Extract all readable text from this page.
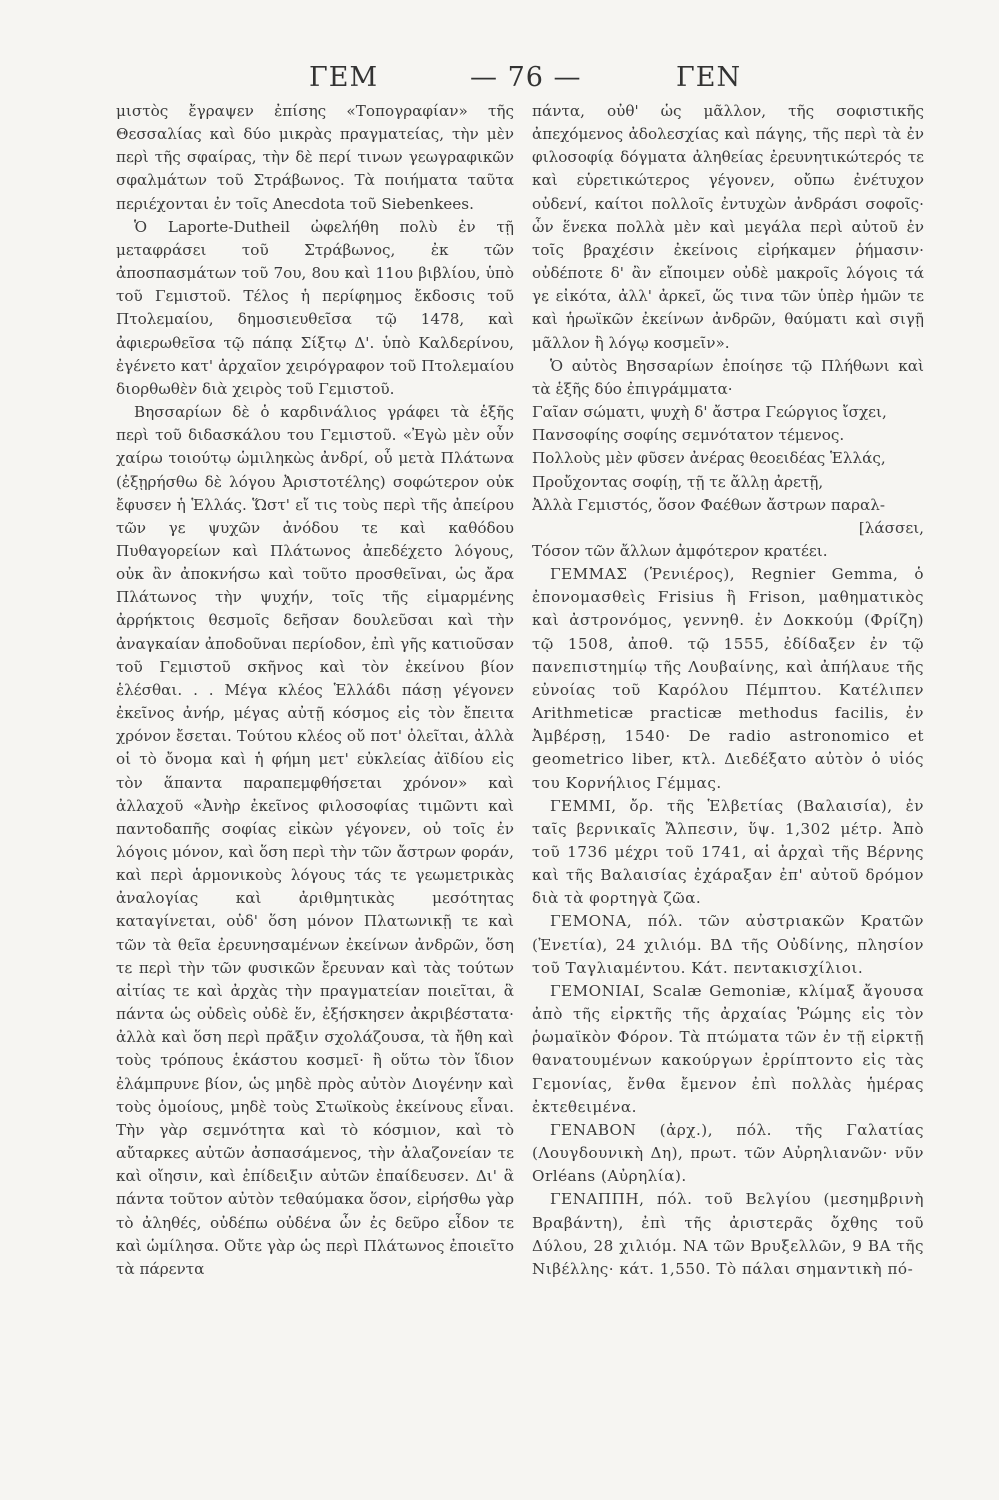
ΓΕΜ	— 76 —	ΓΕΝ

μιστὸς ἔγραψεν ἐπίσης «Τοπογραφίαν» τῆς Θεσσαλίας καὶ δύο μικρὰς πραγματείας, τὴν μὲν περὶ τῆς σφαίρας, τὴν δὲ περί τινων γεωγραφικῶν σφαλμάτων τοῦ Στράβωνος. Τὰ ποιήματα ταῦτα περιέχονται ἐν τοῖς Anecdota τοῦ Siebenkees.

Ὁ Laporte-Dutheil ὠφελήθη πολὺ ἐν τῇ μεταφράσει τοῦ Στράβωνος, ἐκ τῶν ἀποσπασμάτων τοῦ 7ου, 8ου καὶ 11ου βιβλίου, ὑπὸ τοῦ Γεμιστοῦ. Τέλος ἡ περίφημος ἔκδοσις τοῦ Πτολεμαίου, δημοσιευθεῖσα τῷ 1478, καὶ ἀφιερωθεῖσα τῷ πάπᾳ Σίξτῳ Δ'. ὑπὸ Καλδερίνου, ἐγένετο κατ' ἀρχαῖον χειρόγραφον τοῦ Πτολεμαίου διορθωθὲν διὰ χειρὸς τοῦ Γεμιστοῦ.

Βησσαρίων δὲ ὁ καρδινάλιος γράφει τὰ ἑξῆς περὶ τοῦ διδασκάλου του Γεμιστοῦ. «Ἐγὼ μὲν οὖν χαίρω τοιούτῳ ὡμιληκὼς ἀνδρί, οὗ μετὰ Πλάτωνα (ἐξῃρήσθω δὲ λόγου Ἀριστοτέλης) σοφώτερον οὐκ ἔφυσεν ἡ Ἑλλάς. Ὥστ' εἴ τις τοὺς περὶ τῆς ἀπείρου τῶν γε ψυχῶν ἀνόδου τε καὶ καθόδου Πυθαγορείων καὶ Πλάτωνος ἀπεδέχετο λόγους, οὐκ ἂν ἀποκνήσω καὶ τοῦτο προσθεῖναι, ὡς ἄρα Πλάτωνος τὴν ψυχήν, τοῖς τῆς εἱμαρμένης ἀρρήκτοις θεσμοῖς δεῆσαν δουλεῦσαι καὶ τὴν ἀναγκαίαν ἀποδοῦναι περίοδον, ἐπὶ γῆς κατιοῦσαν τοῦ Γεμιστοῦ σκῆνος καὶ τὸν ἐκείνου βίον ἑλέσθαι. . . Μέγα κλέος Ἑλλάδι πάσῃ γέγονεν ἐκεῖνος ἀνήρ, μέγας αὐτῇ κόσμος εἰς τὸν ἔπειτα χρόνον ἔσεται. Τούτου κλέος οὔ ποτ' ὀλεῖται, ἀλλὰ οἱ τὸ ὄνομα καὶ ἡ φήμη μετ' εὐκλείας ἀϊδίου εἰς τὸν ἅπαντα παραπεμφθήσεται χρόνον» καὶ ἀλλαχοῦ «Ἀνὴρ ἐκεῖνος φιλοσοφίας τιμῶντι καὶ παντοδαπῆς σοφίας εἰκὼν γέγονεν, οὐ τοῖς ἐν λόγοις μόνον, καὶ ὅση περὶ τὴν τῶν ἄστρων φοράν, καὶ περὶ ἁρμονικοὺς λόγους τάς τε γεωμετρικὰς ἀναλογίας καὶ ἀριθμητικὰς μεσότητας καταγίνεται, οὐδ' ὅση μόνον Πλατωνικῇ τε καὶ τῶν τὰ θεῖα ἐρευνησαμένων ἐκείνων ἀνδρῶν, ὅση τε περὶ τὴν τῶν φυσικῶν ἔρευναν καὶ τὰς τούτων αἰτίας τε καὶ ἀρχὰς τὴν πραγματείαν ποιεῖται, ἃ πάντα ὡς οὐδεὶς οὐδὲ ἕν, ἐξήσκησεν ἀκριβέστατα· ἀλλὰ καὶ ὅση περὶ πρᾶξιν σχολάζουσα, τὰ ἤθη καὶ τοὺς τρόπους ἑκάστου κοσμεῖ· ἢ οὕτω τὸν ἴδιον ἐλάμπρυνε βίον, ὡς μηδὲ πρὸς αὐτὸν Διογένην καὶ τοὺς ὁμοίους, μηδὲ τοὺς Στωϊκοὺς ἐκείνους εἶναι. Τὴν γὰρ σεμνότητα καὶ τὸ κόσμιον, καὶ τὸ αὔταρκες αὐτῶν ἀσπασάμενος, τὴν ἀλαζονείαν τε καὶ οἴησιν, καὶ ἐπίδειξιν αὐτῶν ἐπαίδευσεν. Δι' ἃ πάντα τοῦτον αὐτὸν τεθαύμακα ὅσον, εἰρήσθω γὰρ τὸ ἀληθές, οὐδέπω οὐδένα ὧν ἐς δεῦρο εἶδον τε καὶ ὡμίλησα. Οὔτε γὰρ ὡς περὶ Πλάτωνος ἐποιεῖτο τὰ πάρεντα

πάντα, οὐθ' ὡς μᾶλλον, τῆς σοφιστικῆς ἀπεχόμενος ἀδολεσχίας καὶ πάγης, τῆς περὶ τὰ ἐν φιλοσοφίᾳ δόγματα ἀληθείας ἐρευνητικώτερός τε καὶ εὑρετικώτερος γέγονεν, οὔπω ἐνέτυχον οὐδενί, καίτοι πολλοῖς ἐντυχὼν ἀνδράσι σοφοῖς· ὧν ἕνεκα πολλὰ μὲν καὶ μεγάλα περὶ αὐτοῦ ἐν τοῖς βραχέσιν ἐκείνοις εἰρήκαμεν ῥήμασιν· οὐδέποτε δ' ἂν εἴποιμεν οὐδὲ μακροῖς λόγοις τά γε εἰκότα, ἀλλ' ἀρκεῖ, ὥς τινα τῶν ὑπὲρ ἡμῶν τε καὶ ἡρωϊκῶν ἐκείνων ἀνδρῶν, θαύματι καὶ σιγῇ μᾶλλον ἢ λόγῳ κοσμεῖν».

Ὁ αὐτὸς Βησσαρίων ἐποίησε τῷ Πλήθωνι καὶ τὰ ἑξῆς δύο ἐπιγράμματα·

Γαῖαν σώματι, ψυχὴ δ' ἄστρα Γεώργιος ἴσχει,

Πανσοφίης σοφίης σεμνότατον τέμενος.

Πολλοὺς μὲν φῦσεν ἀνέρας θεοειδέας Ἑλλάς,

Προὔχοντας σοφίῃ, τῇ τε ἄλλῃ ἀρετῇ,

Ἀλλὰ Γεμιστός, ὅσον Φαέθων ἄστρων παραλ-

[λάσσει,

Τόσον τῶν ἄλλων ἀμφότερον κρατέει.

ΓΕΜΜΑΣ (Ῥενιέρος), Regnier Gemma, ὁ ἐπονομασθεὶς Frisius ἢ Frison, μαθηματικὸς καὶ ἀστρονόμος, γεννηθ. ἐν Δοκκούμ (Φρίζη) τῷ 1508, ἀποθ. τῷ 1555, ἐδίδαξεν ἐν τῷ πανεπιστημίῳ τῆς Λουβαίνης, καὶ ἀπήλαυε τῆς εὐνοίας τοῦ Καρόλου Πέμπτου. Κατέλιπεν Arithmeticæ practicæ methodus facilis, ἐν Ἀμβέρσῃ, 1540· De radio astronomico et geometrico liber, κτλ. Διεδέξατο αὐτὸν ὁ υἱός του Κορνήλιος Γέμμας.

ΓΕΜΜΙ, ὄρ. τῆς Ἑλβετίας (Βαλαισία), ἐν ταῖς βερνικαῖς Ἄλπεσιν, ὕψ. 1,302 μέτρ. Ἀπὸ τοῦ 1736 μέχρι τοῦ 1741, αἱ ἀρχαὶ τῆς Βέρνης καὶ τῆς Βαλαισίας ἐχάραξαν ἐπ' αὐτοῦ δρόμον διὰ τὰ φορτηγὰ ζῶα.

ΓΕΜΟΝΑ, πόλ. τῶν αὐστριακῶν Κρατῶν (Ἐνετία), 24 χιλιόμ. ΒΔ τῆς Οὐδίνης, πλησίον τοῦ Ταγλιαμέντου. Κάτ. πεντακισχίλιοι.

ΓΕΜΟΝΙΑΙ, Scalæ Gemoniæ, κλίμαξ ἄγουσα ἀπὸ τῆς εἱρκτῆς τῆς ἀρχαίας Ῥώμης εἰς τὸν ῥωμαϊκὸν Φόρον. Τὰ πτώματα τῶν ἐν τῇ εἱρκτῇ θανατουμένων κακούργων ἐρρίπτοντο εἰς τὰς Γεμονίας, ἔνθα ἔμενον ἐπὶ πολλὰς ἡμέρας ἐκτεθειμένα.

ΓΕΝΑΒΟΝ (ἀρχ.), πόλ. τῆς Γαλατίας (Λουγδουνικὴ Δη), πρωτ. τῶν Αὐρηλιανῶν· νῦν Orléans (Αὐρηλία).

ΓΕΝΑΠΠΗ, πόλ. τοῦ Βελγίου (μεσημβρινὴ Βραβάντη), ἐπὶ τῆς ἀριστερᾶς ὄχθης τοῦ Δύλου, 28 χιλιόμ. ΝΑ τῶν Βρυξελλῶν, 9 ΒΑ τῆς Νιβέλλης· κάτ. 1,550. Τὸ πάλαι σημαντικὴ πό-
